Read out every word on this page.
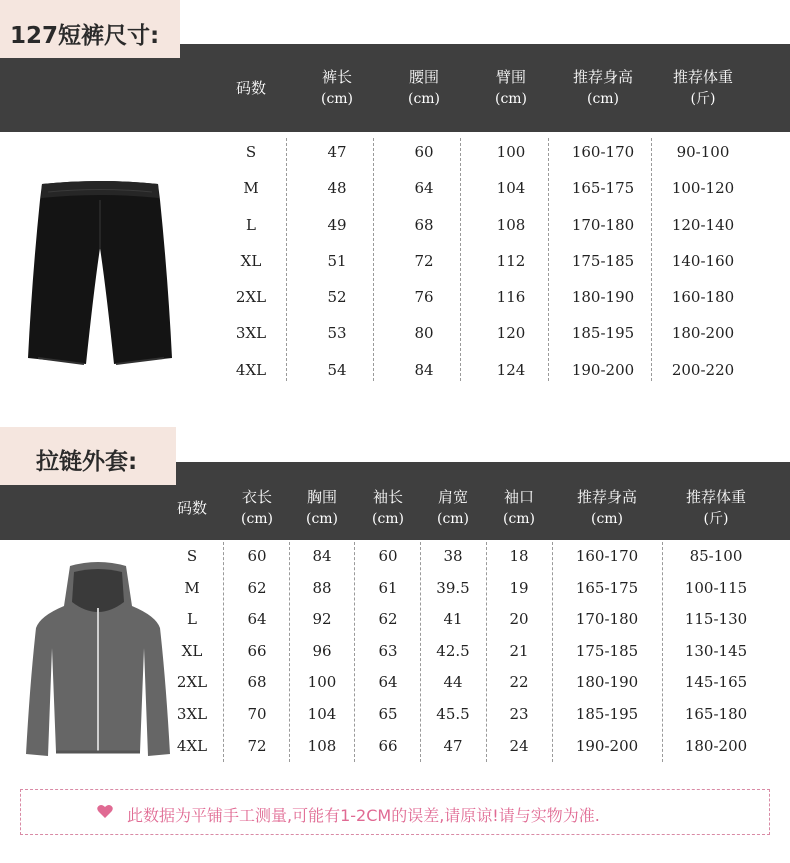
127短裤尺寸:
码数
裤长
(cm)
腰围
(cm)
臂围
(cm)
推荐身高
(cm)
推荐体重
(斤)
S
M
L
XL
2XL
3XL
4XL
47
48
49
51
52
53
54
60
64
68
72
76
80
84
100
104
108
112
116
120
124
160-170
165-175
170-180
175-185
180-190
185-195
190-200
90-100
100-120
120-140
140-160
160-180
180-200
200-220
拉链外套:
码数
衣长
(cm)
胸围
(cm)
袖长
(cm)
肩宽
(cm)
袖口
(cm)
推荐身高
(cm)
推荐体重
(斤)
S
M
L
XL
2XL
3XL
4XL
60
62
64
66
68
70
72
84
88
92
96
100
104
108
60
61
62
63
64
65
66
38
39.5
41
42.5
44
45.5
47
18
19
20
21
22
23
24
160-170
165-175
170-180
175-185
180-190
185-195
190-200
85-100
100-115
115-130
130-145
145-165
165-180
180-200
此数据为平铺手工测量,可能有1-2CM的误差,请原谅!请与实物为准.
